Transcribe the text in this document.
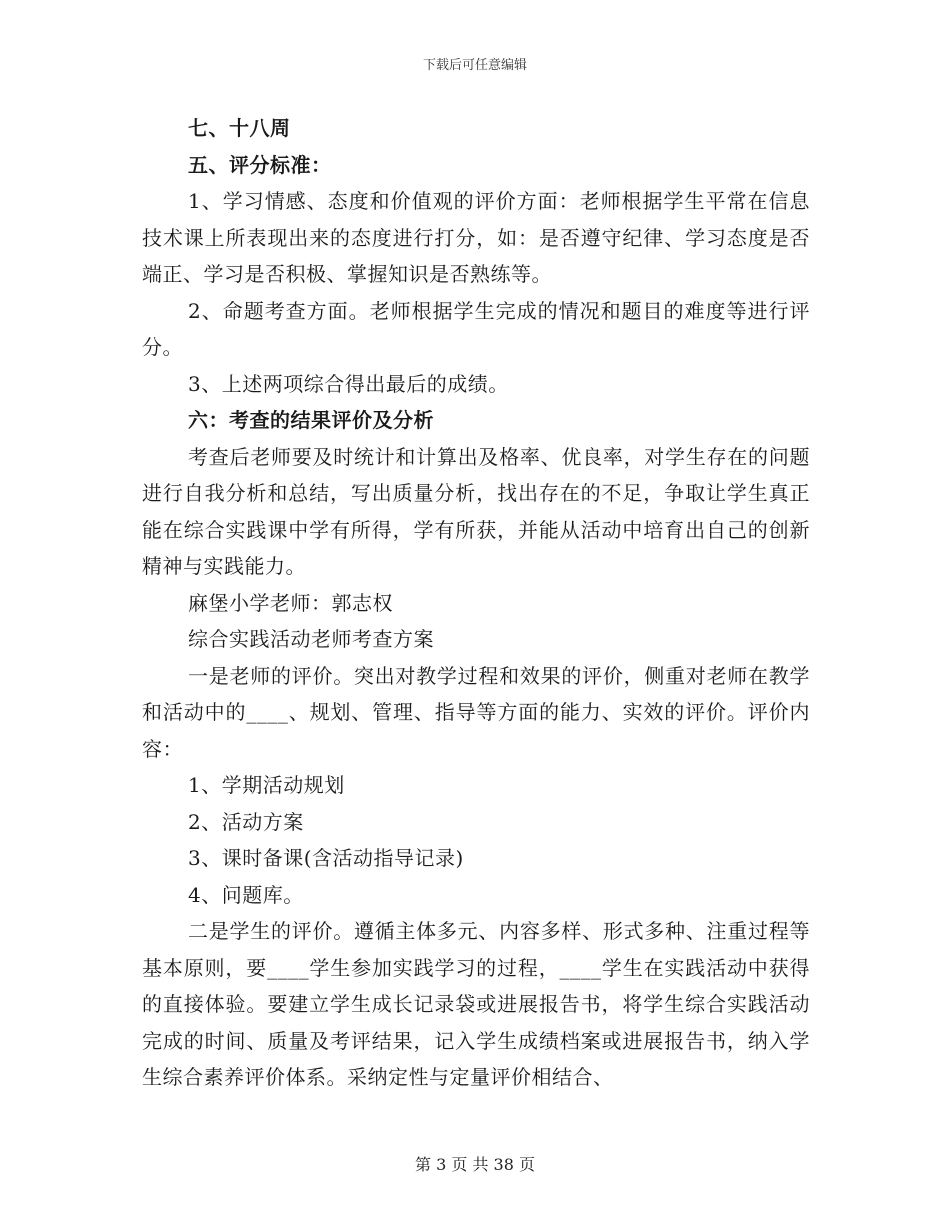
下载后可任意编辑

七、十八周

五、评分标准：

1、学习情感、态度和价值观的评价方面：老师根据学生平常在信息技术课上所表现出来的态度进行打分，如：是否遵守纪律、学习态度是否端正、学习是否积极、掌握知识是否熟练等。

2、命题考查方面。老师根据学生完成的情况和题目的难度等进行评分。

3、上述两项综合得出最后的成绩。

六：考查的结果评价及分析

考查后老师要及时统计和计算出及格率、优良率，对学生存在的问题进行自我分析和总结，写出质量分析，找出存在的不足，争取让学生真正能在综合实践课中学有所得，学有所获，并能从活动中培育出自己的创新精神与实践能力。

麻堡小学老师：郭志权

综合实践活动老师考查方案

一是老师的评价。突出对教学过程和效果的评价，侧重对老师在教学和活动中的____、规划、管理、指导等方面的能力、实效的评价。评价内容：

1、学期活动规划

2、活动方案

3、课时备课(含活动指导记录)

4、问题库。

二是学生的评价。遵循主体多元、内容多样、形式多种、注重过程等基本原则，要____学生参加实践学习的过程，____学生在实践活动中获得的直接体验。要建立学生成长记录袋或进展报告书，将学生综合实践活动完成的时间、质量及考评结果，记入学生成绩档案或进展报告书，纳入学生综合素养评价体系。采纳定性与定量评价相结合、

第 3 页 共 38 页
